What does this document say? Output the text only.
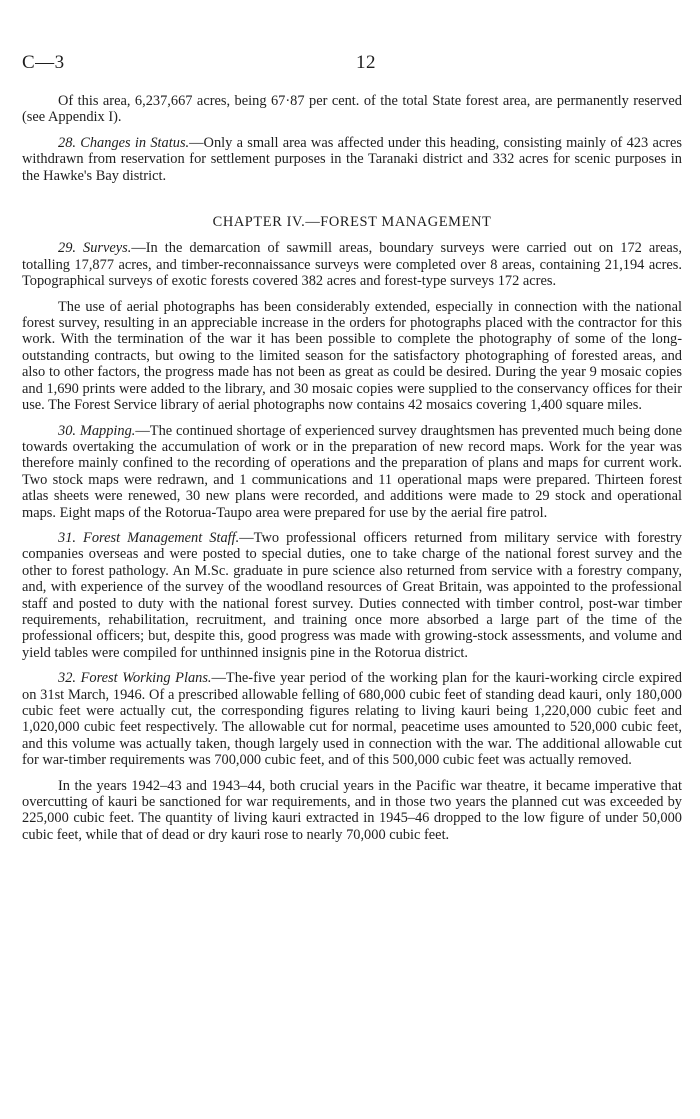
C—3	12

Of this area, 6,237,667 acres, being 67·87 per cent. of the total State forest area, are permanently reserved (see Appendix I).

28. Changes in Status.—Only a small area was affected under this heading, consisting mainly of 423 acres withdrawn from reservation for settlement purposes in the Taranaki district and 332 acres for scenic purposes in the Hawke's Bay district.

CHAPTER IV.—FOREST MANAGEMENT

29. Surveys.—In the demarcation of sawmill areas, boundary surveys were carried out on 172 areas, totalling 17,877 acres, and timber-reconnaissance surveys were completed over 8 areas, containing 21,194 acres. Topographical surveys of exotic forests covered 382 acres and forest-type surveys 172 acres.

The use of aerial photographs has been considerably extended, especially in connection with the national forest survey, resulting in an appreciable increase in the orders for photographs placed with the contractor for this work. With the termination of the war it has been possible to complete the photography of some of the long-outstanding contracts, but owing to the limited season for the satisfactory photographing of forested areas, and also to other factors, the progress made has not been as great as could be desired. During the year 9 mosaic copies and 1,690 prints were added to the library, and 30 mosaic copies were supplied to the conservancy offices for their use. The Forest Service library of aerial photographs now contains 42 mosaics covering 1,400 square miles.

30. Mapping.—The continued shortage of experienced survey draughtsmen has prevented much being done towards overtaking the accumulation of work or in the preparation of new record maps. Work for the year was therefore mainly confined to the recording of operations and the preparation of plans and maps for current work. Two stock maps were redrawn, and 1 communications and 11 operational maps were prepared. Thirteen forest atlas sheets were renewed, 30 new plans were recorded, and additions were made to 29 stock and operational maps. Eight maps of the Rotorua-Taupo area were prepared for use by the aerial fire patrol.

31. Forest Management Staff.—Two professional officers returned from military service with forestry companies overseas and were posted to special duties, one to take charge of the national forest survey and the other to forest pathology. An M.Sc. graduate in pure science also returned from service with a forestry company, and, with experience of the survey of the woodland resources of Great Britain, was appointed to the professional staff and posted to duty with the national forest survey. Duties connected with timber control, post-war timber requirements, rehabilitation, recruitment, and training once more absorbed a large part of the time of the professional officers; but, despite this, good progress was made with growing-stock assessments, and volume and yield tables were compiled for unthinned insignis pine in the Rotorua district.

32. Forest Working Plans.—The-five year period of the working plan for the kauri-working circle expired on 31st March, 1946. Of a prescribed allowable felling of 680,000 cubic feet of standing dead kauri, only 180,000 cubic feet were actually cut, the corresponding figures relating to living kauri being 1,220,000 cubic feet and 1,020,000 cubic feet respectively. The allowable cut for normal, peacetime uses amounted to 520,000 cubic feet, and this volume was actually taken, though largely used in connection with the war. The additional allowable cut for war-timber requirements was 700,000 cubic feet, and of this 500,000 cubic feet was actually removed.

In the years 1942–43 and 1943–44, both crucial years in the Pacific war theatre, it became imperative that overcutting of kauri be sanctioned for war requirements, and in those two years the planned cut was exceeded by 225,000 cubic feet. The quantity of living kauri extracted in 1945–46 dropped to the low figure of under 50,000 cubic feet, while that of dead or dry kauri rose to nearly 70,000 cubic feet.
